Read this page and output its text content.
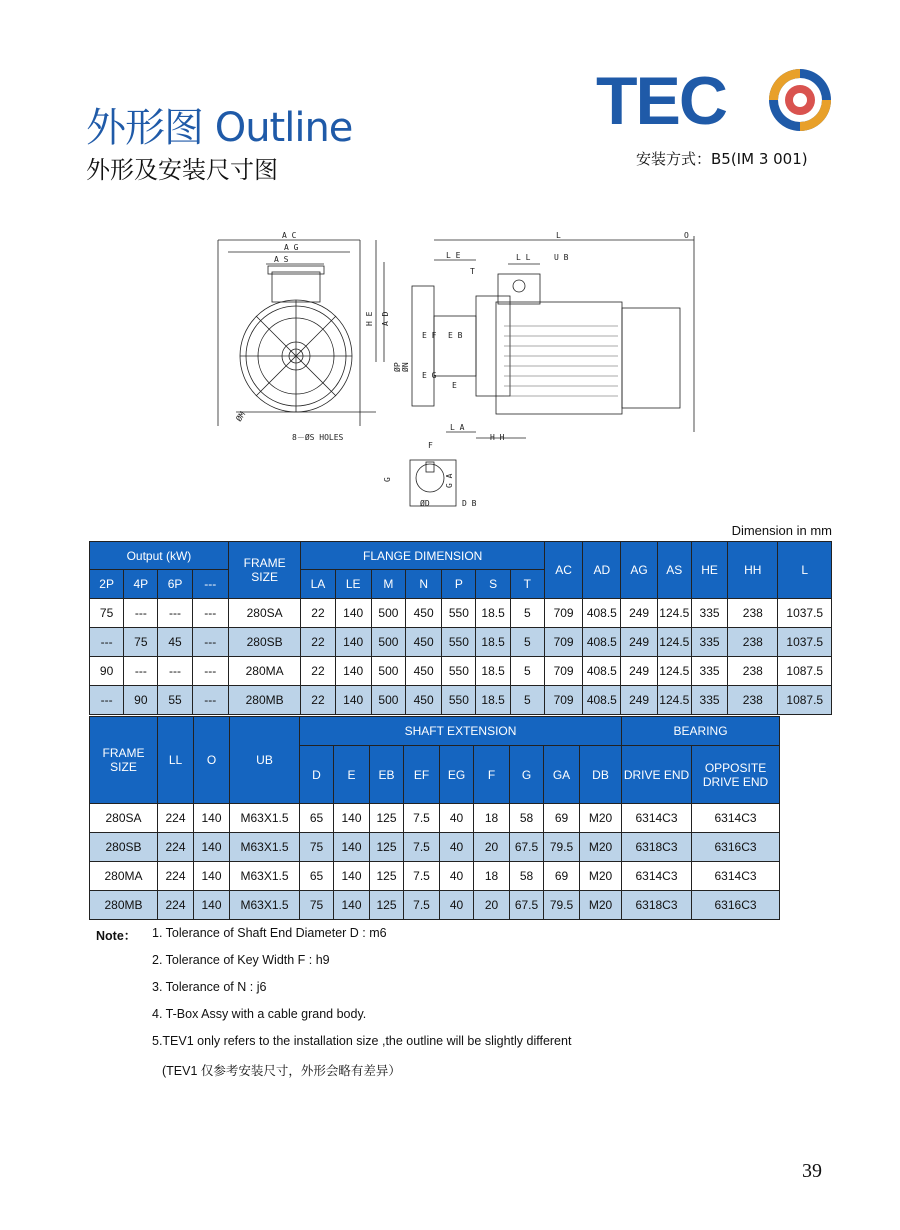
外形图 Outline
外形及安装尺寸图
TEC
安装方式：B5(IM 3 001)
A C
A G
A S
H E A D
ØM
8－ØS HOLES
L	O
L E	L L	U B
T
E F E B
E G
E
ØP ØN
L A
H H
F
G	G A
ØD	D B
Dimension in mm
Output (kW)				FRAME SIZE	FLANGE DIMENSION							AC	AD	AG	AS	HE	HH	L
2P	4P	6P	---		LA	LE	M	N	P	S	T							
75	---	---	---	280SA	22	140	500	450	550	18.5	5	709	408.5	249	124.5	335	238	1037.5
---	75	45	---	280SB	22	140	500	450	550	18.5	5	709	408.5	249	124.5	335	238	1037.5
90	---	---	---	280MA	22	140	500	450	550	18.5	5	709	408.5	249	124.5	335	238	1087.5
---	90	55	---	280MB	22	140	500	450	550	18.5	5	709	408.5	249	124.5	335	238	1087.5
FRAME SIZE	LL	O	UB	SHAFT EXTENSION									BEARING	
				D	E	EB	EF	EG	F	G	GA	DB	DRIVE END	OPPOSITE DRIVE END
280SA	224	140	M63X1.5	65	140	125	7.5	40	18	58	69	M20	6314C3	6314C3
280SB	224	140	M63X1.5	75	140	125	7.5	40	20	67.5	79.5	M20	6318C3	6316C3
280MA	224	140	M63X1.5	65	140	125	7.5	40	18	58	69	M20	6314C3	6314C3
280MB	224	140	M63X1.5	75	140	125	7.5	40	20	67.5	79.5	M20	6318C3	6316C3
Note： 1. Tolerance of Shaft End Diameter D : m6
2. Tolerance of Key Width F : h9
3. Tolerance of N : j6
4. T-Box Assy with a cable grand body.
5.TEV1 only refers to the installation size ,the outline will be slightly different
(TEV1 仅参考安装尺寸，外形会略有差异）
39
